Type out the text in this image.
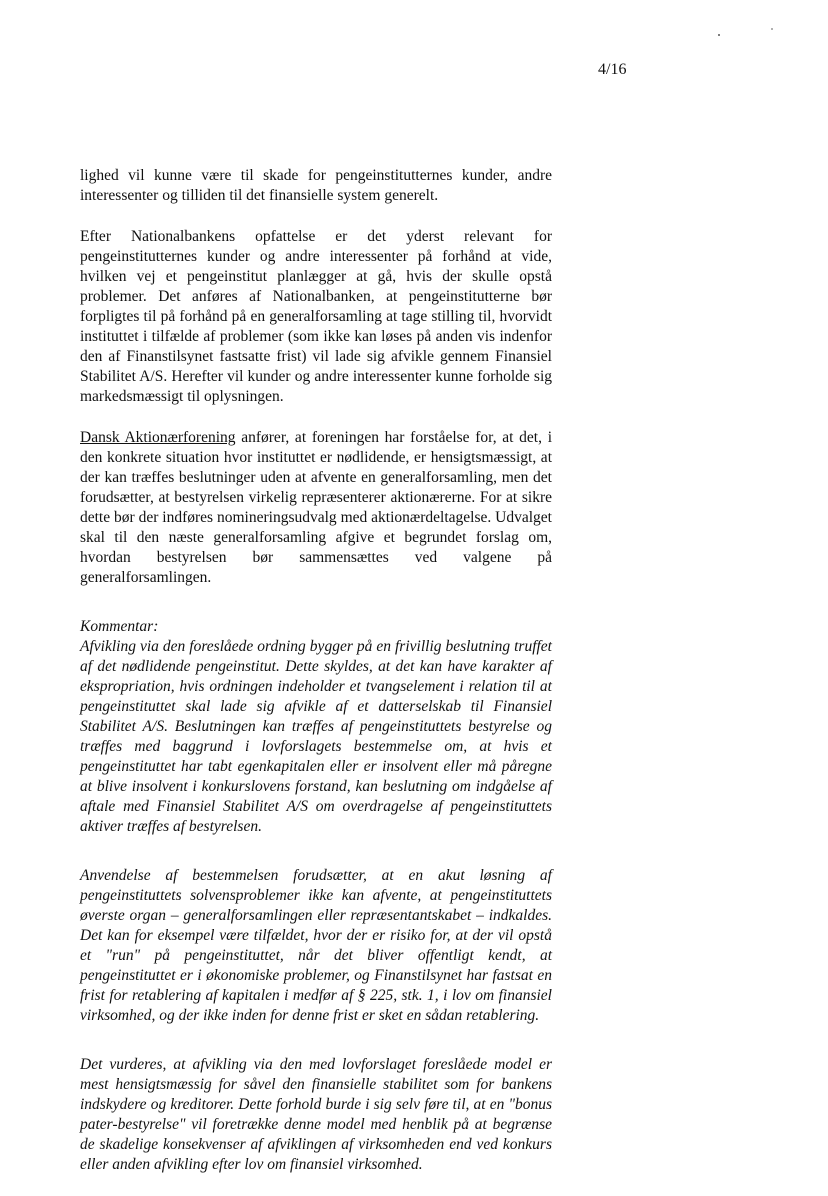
4/16

lighed vil kunne være til skade for pengeinstitutternes kunder, andre interessenter og tilliden til det finansielle system generelt.

Efter Nationalbankens opfattelse er det yderst relevant for pengeinstitutternes kunder og andre interessenter på forhånd at vide, hvilken vej et pengeinstitut planlægger at gå, hvis der skulle opstå problemer. Det anføres af Nationalbanken, at pengeinstitutterne bør forpligtes til på forhånd på en generalforsamling at tage stilling til, hvorvidt instituttet i tilfælde af problemer (som ikke kan løses på anden vis indenfor den af Finanstilsynet fastsatte frist) vil lade sig afvikle gennem Finansiel Stabilitet A/S. Herefter vil kunder og andre interessenter kunne forholde sig markedsmæssigt til oplysningen.

Dansk Aktionærforening anfører, at foreningen har forståelse for, at det, i den konkrete situation hvor instituttet er nødlidende, er hensigtsmæssigt, at der kan træffes beslutninger uden at afvente en generalforsamling, men det forudsætter, at bestyrelsen virkelig repræsenterer aktionærerne. For at sikre dette bør der indføres nomineringsudvalg med aktionærdeltagelse. Udvalget skal til den næste generalforsamling afgive et begrundet forslag om, hvordan bestyrelsen bør sammensættes ved valgene på generalforsamlingen.

Kommentar:
Afvikling via den foreslåede ordning bygger på en frivillig beslutning truffet af det nødlidende pengeinstitut. Dette skyldes, at det kan have karakter af ekspropriation, hvis ordningen indeholder et tvangselement i relation til at pengeinstituttet skal lade sig afvikle af et datterselskab til Finansiel Stabilitet A/S. Beslutningen kan træffes af pengeinstituttets bestyrelse og træffes med baggrund i lovforslagets bestemmelse om, at hvis et pengeinstituttet har tabt egenkapitalen eller er insolvent eller må påregne at blive insolvent i konkurslovens forstand, kan beslutning om indgåelse af aftale med Finansiel Stabilitet A/S om overdragelse af pengeinstituttets aktiver træffes af bestyrelsen.

Anvendelse af bestemmelsen forudsætter, at en akut løsning af pengeinstituttets solvensproblemer ikke kan afvente, at pengeinstituttets øverste organ – generalforsamlingen eller repræsentantskabet – indkaldes. Det kan for eksempel være tilfældet, hvor der er risiko for, at der vil opstå et "run" på pengeinstituttet, når det bliver offentligt kendt, at pengeinstituttet er i økonomiske problemer, og Finanstilsynet har fastsat en frist for retablering af kapitalen i medfør af § 225, stk. 1, i lov om finansiel virksomhed, og der ikke inden for denne frist er sket en sådan retablering.

Det vurderes, at afvikling via den med lovforslaget foreslåede model er mest hensigtsmæssig for såvel den finansielle stabilitet som for bankens indskydere og kreditorer. Dette forhold burde i sig selv føre til, at en "bonus pater-bestyrelse" vil foretrække denne model med henblik på at begrænse de skadelige konsekvenser af afviklingen af virksomheden end ved konkurs eller anden afvikling efter lov om finansiel virksomhed.
